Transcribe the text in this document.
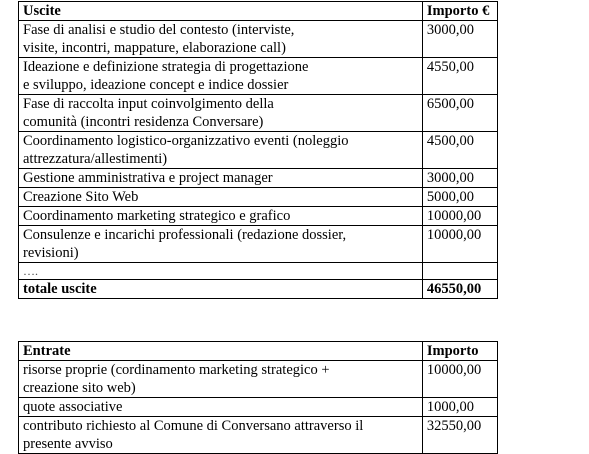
Uscite	Importo €

Fase di analisi e studio del contesto (interviste,
visite, incontri, mappature, elaborazione call)	3000,00

Ideazione e definizione strategia di progettazione
e sviluppo, ideazione concept e indice dossier	4550,00

Fase di raccolta input coinvolgimento della
comunità (incontri residenza Conversare)	6500,00

Coordinamento logistico-organizzativo eventi (noleggio
attrezzatura/allestimenti)	4500,00

Gestione amministrativa e project manager	3000,00

Creazione Sito Web	5000,00

Coordinamento marketing strategico e grafico	10000,00

Consulenze e incarichi professionali (redazione dossier,
revisioni)	10000,00

….	

totale uscite	46550,00
Entrate	Importo

risorse proprie (cordinamento marketing strategico +
creazione sito web)	10000,00

quote associative	1000,00

contributo richiesto al Comune di Conversano attraverso il
presente avviso	32550,00
